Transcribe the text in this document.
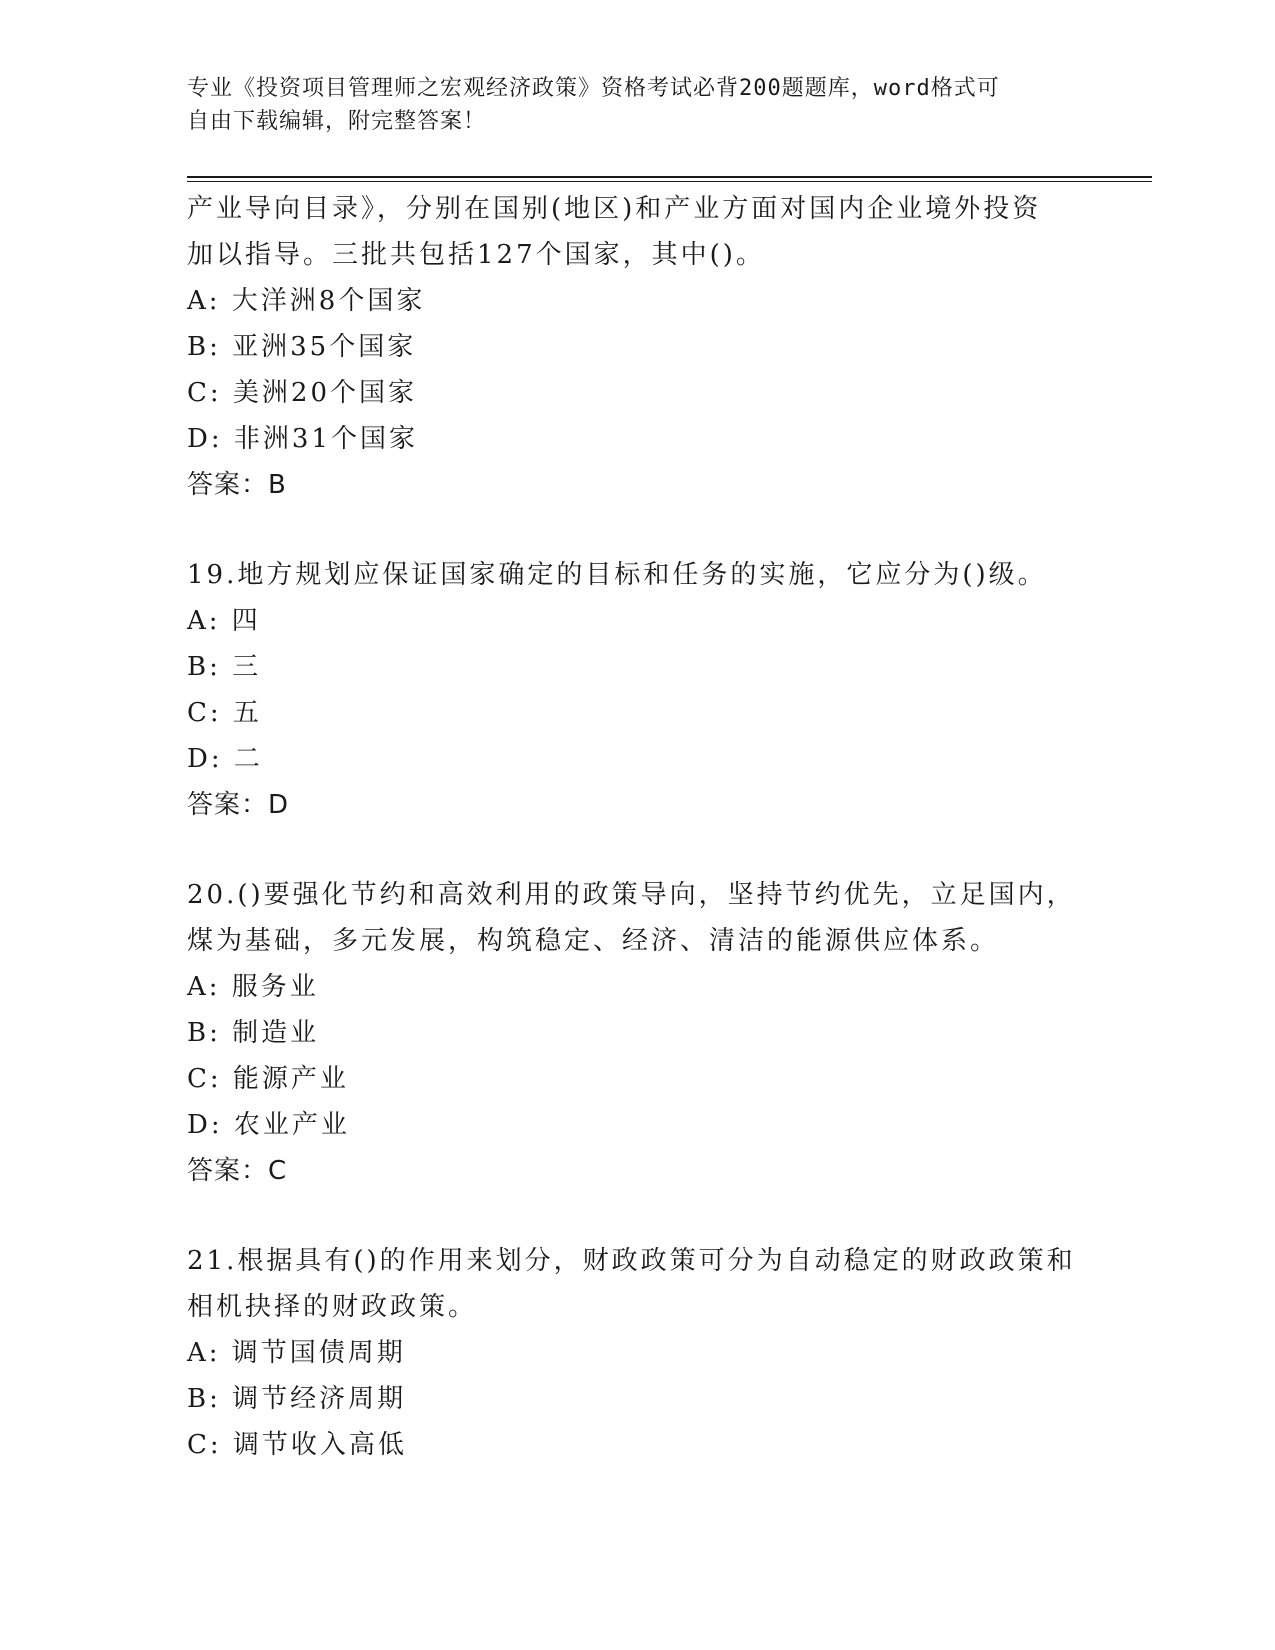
专业《投资项目管理师之宏观经济政策》资格考试必背200题题库，word格式可
自由下载编辑，附完整答案！
产业导向目录》，分别在国别(地区)和产业方面对国内企业境外投资
加以指导。三批共包括127个国家，其中()。
A: 大洋洲8个国家
B: 亚洲35个国家
C: 美洲20个国家
D: 非洲31个国家
答案：B
19.地方规划应保证国家确定的目标和任务的实施，它应分为()级。
A: 四
B: 三
C: 五
D: 二
答案：D
20.()要强化节约和高效利用的政策导向，坚持节约优先，立足国内，
煤为基础，多元发展，构筑稳定、经济、清洁的能源供应体系。
A: 服务业
B: 制造业
C: 能源产业
D: 农业产业
答案：C
21.根据具有()的作用来划分，财政政策可分为自动稳定的财政政策和
相机抉择的财政政策。
A: 调节国债周期
B: 调节经济周期
C: 调节收入高低
